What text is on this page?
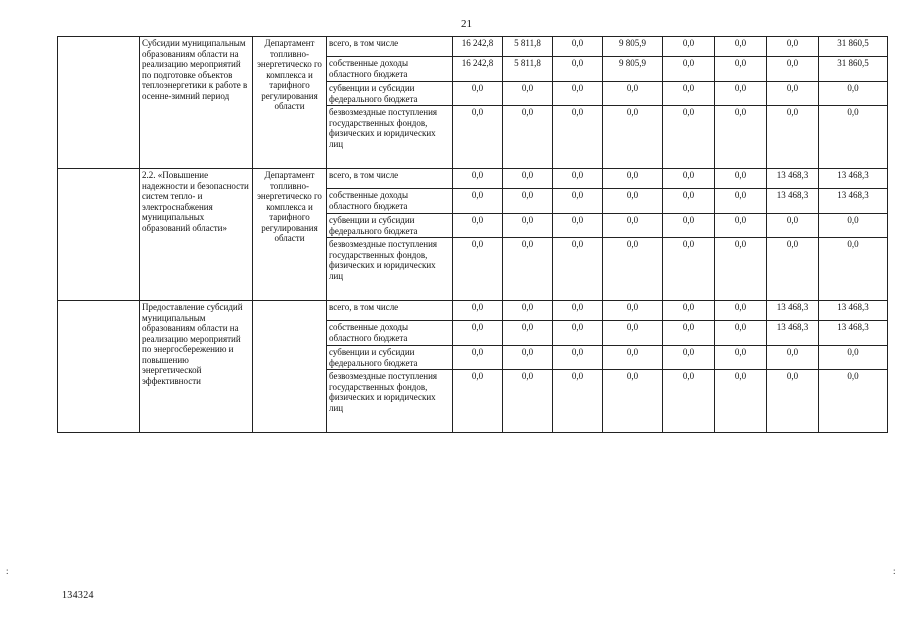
21
	Субсидии муниципальным образованиям области на реализацию мероприятий по подготовке объектов теплоэнергетики к работе в осенне-зимний период	Департамент топливно-энергетическо го комплекса и тарифного регулирования области	всего, в том числе	16 242,8	5 811,8	0,0	9 805,9	0,0	0,0	0,0	31 860,5
			собственные доходы областного бюджета	16 242,8	5 811,8	0,0	9 805,9	0,0	0,0	0,0	31 860,5
			субвенции и субсидии федерального бюджета	0,0	0,0	0,0	0,0	0,0	0,0	0,0	0,0
			безвозмездные поступления государственных фондов, физических и юридических лиц	0,0	0,0	0,0	0,0	0,0	0,0	0,0	0,0
	2.2. «Повышение надежности и безопасности систем тепло- и электроснабжения муниципальных образований области»	Департамент топливно-энергетическо го комплекса и тарифного регулирования области	всего, в том числе	0,0	0,0	0,0	0,0	0,0	0,0	13 468,3	13 468,3
			собственные доходы областного бюджета	0,0	0,0	0,0	0,0	0,0	0,0	13 468,3	13 468,3
			субвенции и субсидии федерального бюджета	0,0	0,0	0,0	0,0	0,0	0,0	0,0	0,0
			безвозмездные поступления государственных фондов, физических и юридических лиц	0,0	0,0	0,0	0,0	0,0	0,0	0,0	0,0
	Предоставление субсидий муниципальным образованиям области на реализацию мероприятий по энергосбережению и повышению энергетической эффективности		всего, в том числе	0,0	0,0	0,0	0,0	0,0	0,0	13 468,3	13 468,3
			собственные доходы областного бюджета	0,0	0,0	0,0	0,0	0,0	0,0	13 468,3	13 468,3
			субвенции и субсидии федерального бюджета	0,0	0,0	0,0	0,0	0,0	0,0	0,0	0,0
			безвозмездные поступления государственных фондов, физических и юридических лиц	0,0	0,0	0,0	0,0	0,0	0,0	0,0	0,0
:	:
134324
